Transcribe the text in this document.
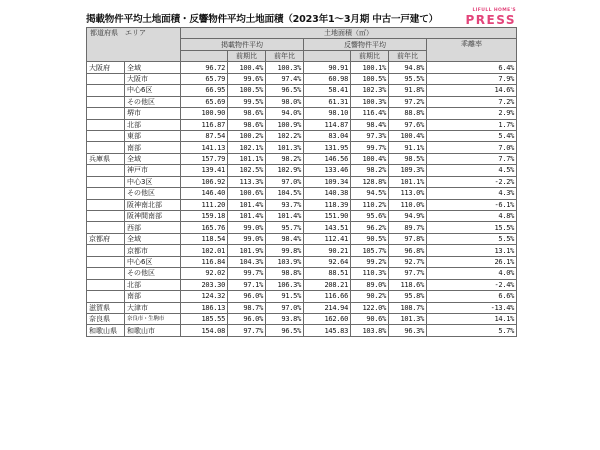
掲載物件平均土地面積・反響物件平均土地面積（2023年1〜3月期 中古一戸建て）
LIFULL HOME'S
PRESS
都道府県　エリア		土地面積（㎡）						
		掲載物件平均			反響物件平均			乖離率
			前期比	前年比		前期比	前年比	
大阪府	全域	96.72	100.4%	100.3%	90.91	100.1%	94.8%	6.4%
	大阪市	65.79	99.6%	97.4%	60.98	100.5%	95.5%	7.9%
	中心6区	66.95	100.5%	96.5%	58.41	102.3%	91.8%	14.6%
	その他区	65.69	99.5%	98.0%	61.31	100.3%	97.2%	7.2%
	堺市	100.90	98.6%	94.0%	98.10	116.4%	88.8%	2.9%
	北部	116.87	98.6%	100.9%	114.87	98.4%	97.6%	1.7%
	東部	87.54	100.2%	102.2%	83.04	97.3%	100.4%	5.4%
	南部	141.13	102.1%	101.3%	131.95	99.7%	91.1%	7.0%
兵庫県	全域	157.79	101.1%	98.2%	146.56	100.4%	98.5%	7.7%
	神戸市	139.41	102.5%	102.9%	133.46	98.2%	109.3%	4.5%
	中心3区	106.92	113.3%	97.0%	109.34	128.8%	101.1%	-2.2%
	その他区	146.40	100.6%	104.5%	140.38	94.5%	113.0%	4.3%
	阪神南北部	111.20	101.4%	93.7%	118.39	110.2%	110.0%	-6.1%
	阪神間南部	159.18	101.4%	101.4%	151.90	95.6%	94.9%	4.8%
	西部	165.76	99.0%	95.7%	143.51	96.2%	89.7%	15.5%
京都府	全域	118.54	99.0%	98.4%	112.41	90.5%	97.8%	5.5%
	京都市	102.01	101.9%	99.8%	90.21	105.7%	96.8%	13.1%
	中心6区	116.84	104.3%	103.9%	92.64	99.2%	92.7%	26.1%
	その他区	92.02	99.7%	98.8%	88.51	110.3%	97.7%	4.0%
	北部	203.30	97.1%	106.3%	208.21	89.0%	118.6%	-2.4%
	南部	124.32	96.0%	91.5%	116.66	90.2%	95.8%	6.6%
滋賀県	大津市	186.13	98.7%	97.0%	214.94	122.0%	108.7%	-13.4%
奈良県	奈良市・生駒市	185.55	96.0%	93.8%	162.60	90.6%	101.3%	14.1%
和歌山県	和歌山市	154.08	97.7%	96.5%	145.83	103.8%	96.3%	5.7%
